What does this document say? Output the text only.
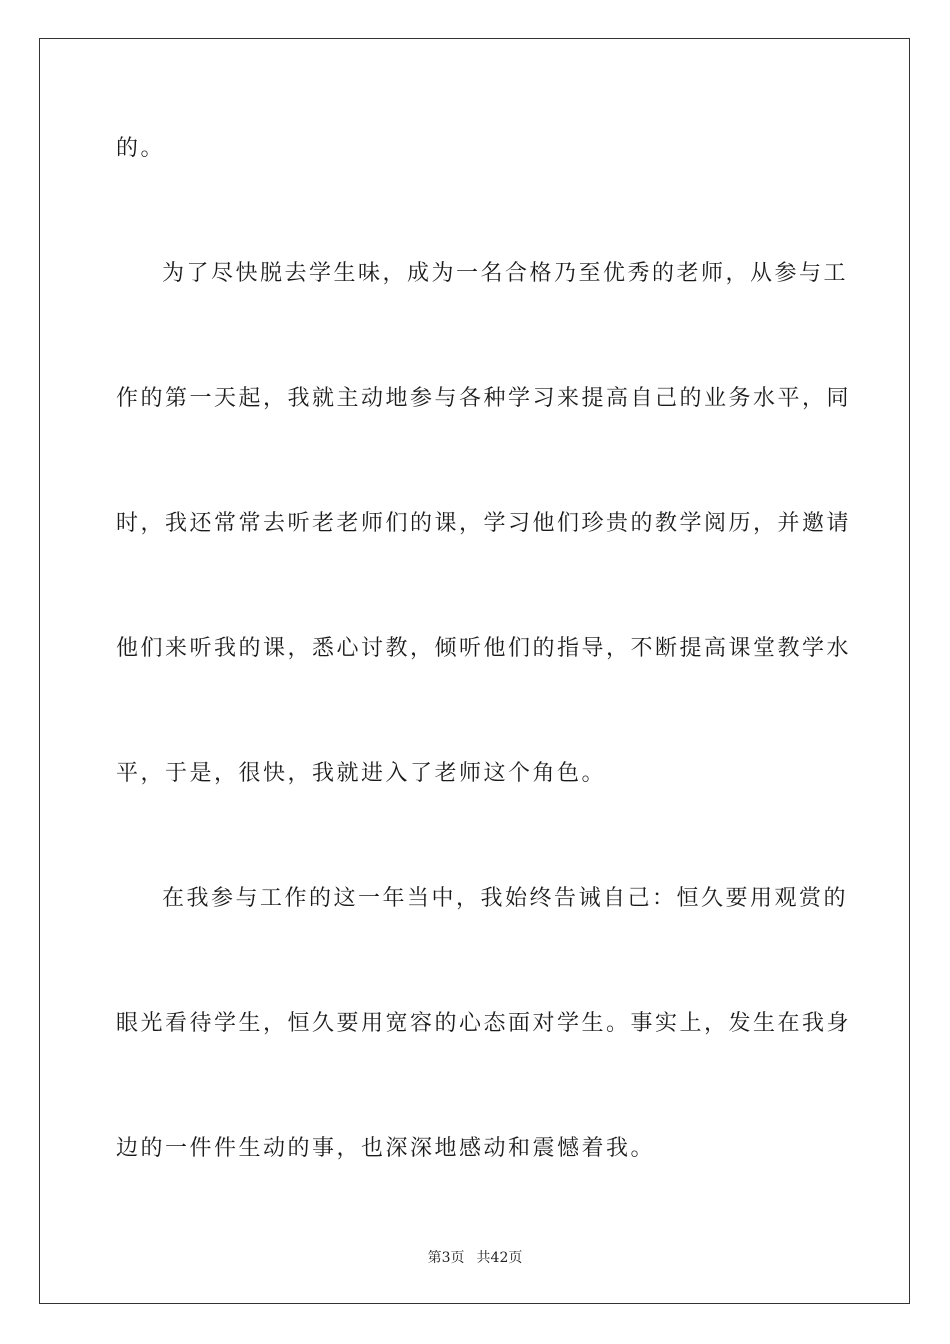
的。
为了尽快脱去学生味，成为一名合格乃至优秀的老师，从参与工
作的第一天起，我就主动地参与各种学习来提高自己的业务水平，同
时，我还常常去听老老师们的课，学习他们珍贵的教学阅历，并邀请
他们来听我的课，悉心讨教，倾听他们的指导，不断提高课堂教学水
平，于是，很快，我就进入了老师这个角色。
在我参与工作的这一年当中，我始终告诫自己：恒久要用观赏的
眼光看待学生，恒久要用宽容的心态面对学生。事实上，发生在我身
边的一件件生动的事，也深深地感动和震憾着我。
第3页 共42页
